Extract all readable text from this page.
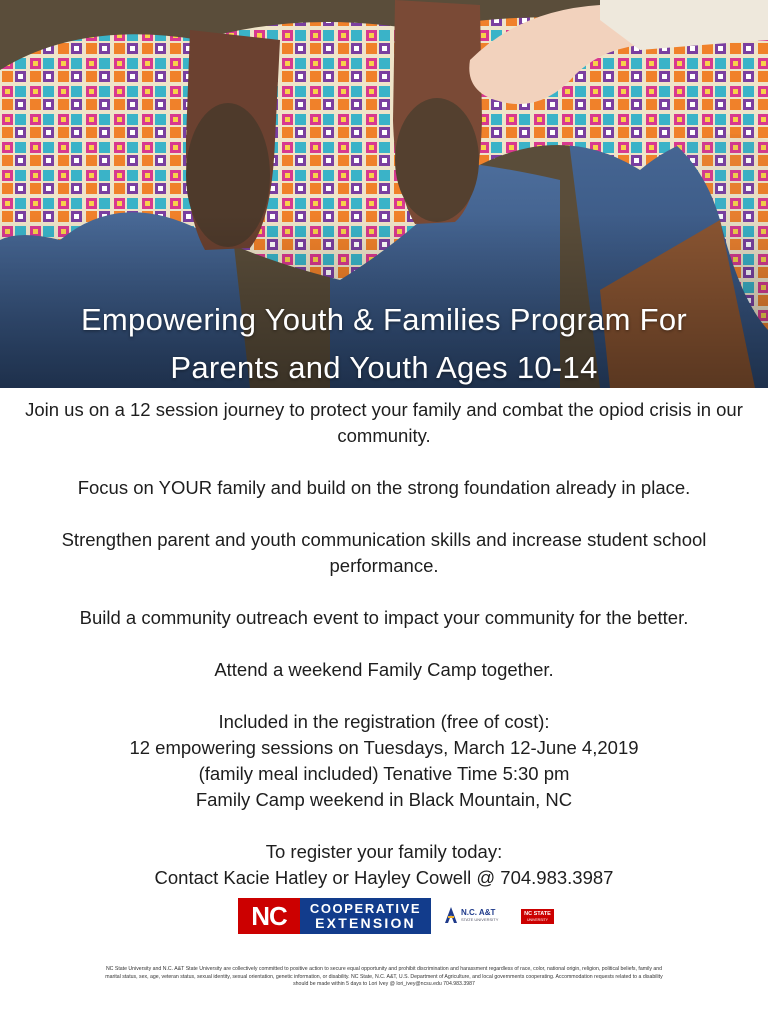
Empowering Youth & Families Program For
Parents and Youth Ages 10-14

Join us on a 12 session journey to protect your family and combat the opiod crisis in our community.

Focus on YOUR family and build on the strong foundation already in place.

Strengthen parent and youth communication skills and increase student school performance.

Build a community outreach event to impact your community for the better.

Attend a weekend Family Camp together.

Included in the registration (free of cost):
12 empowering sessions on Tuesdays, March 12-June 4,2019
(family meal included) Tenative Time 5:30 pm
Family Camp weekend in Black Mountain, NC
To register your family today:
Contact Kacie Hatley or Hayley Cowell @ 704.983.3987
NC	COOPERATIVE
EXTENSION
N.C. A&T
STATE UNIVERSITY
NC STATE
UNIVERSITY
NC State University and N.C. A&T State University are collectively committed to positive action to secure equal opportunity and prohibit discrimination and harassment regardless of race, color, national origin, religion, political beliefs, family and marital status, sex, age, veteran status, sexual identity, sexual orientation, genetic information, or disability. NC State, N.C. A&T, U.S. Department of Agriculture, and local governments cooperating. Accommodation requests related to a disability should be made within 5 days to Lori Ivey @ lori_ivey@ncsu.edu 704.983.3987
